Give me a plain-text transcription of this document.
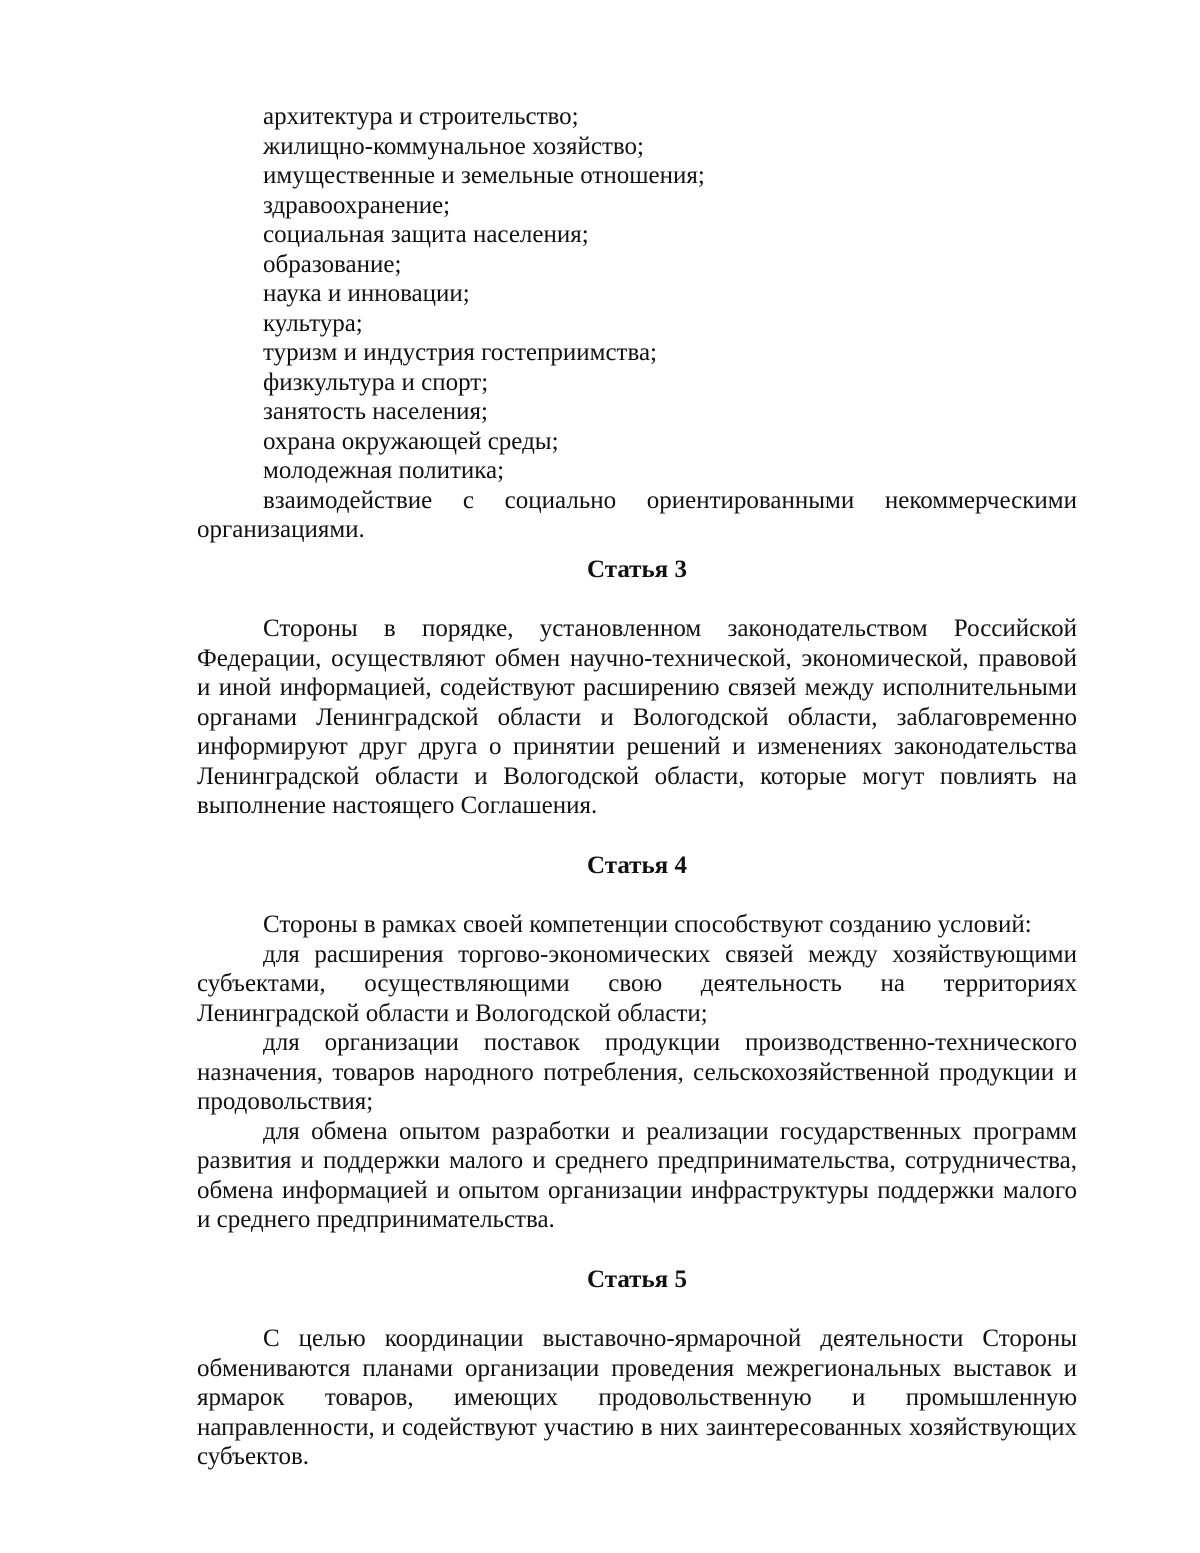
архитектура и строительство;

жилищно-коммунальное хозяйство;

имущественные и земельные отношения;

здравоохранение;

социальная защита населения;

образование;

наука и инновации;

культура;

туризм и индустрия гостеприимства;

физкультура и спорт;

занятость населения;

охрана окружающей среды;

молодежная политика;

взаимодействие с социально ориентированными некоммерческими организациями.

Статья 3

Стороны в порядке, установленном законодательством Российской Федерации, осуществляют обмен научно-технической, экономической, правовой и иной информацией, содействуют расширению связей между исполнительными органами Ленинградской области и Вологодской области, заблаговременно информируют друг друга о принятии решений и изменениях законодательства Ленинградской области и Вологодской области, которые могут повлиять на выполнение настоящего Соглашения.

Статья 4

Стороны в рамках своей компетенции способствуют созданию условий:

для расширения торгово-экономических связей между хозяйствующими субъектами, осуществляющими свою деятельность на территориях Ленинградской области и Вологодской области;

для организации поставок продукции производственно-технического назначения, товаров народного потребления, сельскохозяйственной продукции и продовольствия;

для обмена опытом разработки и реализации государственных программ развития и поддержки малого и среднего предпринимательства, сотрудничества, обмена информацией и опытом организации инфраструктуры поддержки малого и среднего предпринимательства.

Статья 5

С целью координации выставочно-ярмарочной деятельности Стороны обмениваются планами организации проведения межрегиональных выставок и ярмарок товаров, имеющих продовольственную и промышленную направленности, и содействуют участию в них заинтересованных хозяйствующих субъектов.
